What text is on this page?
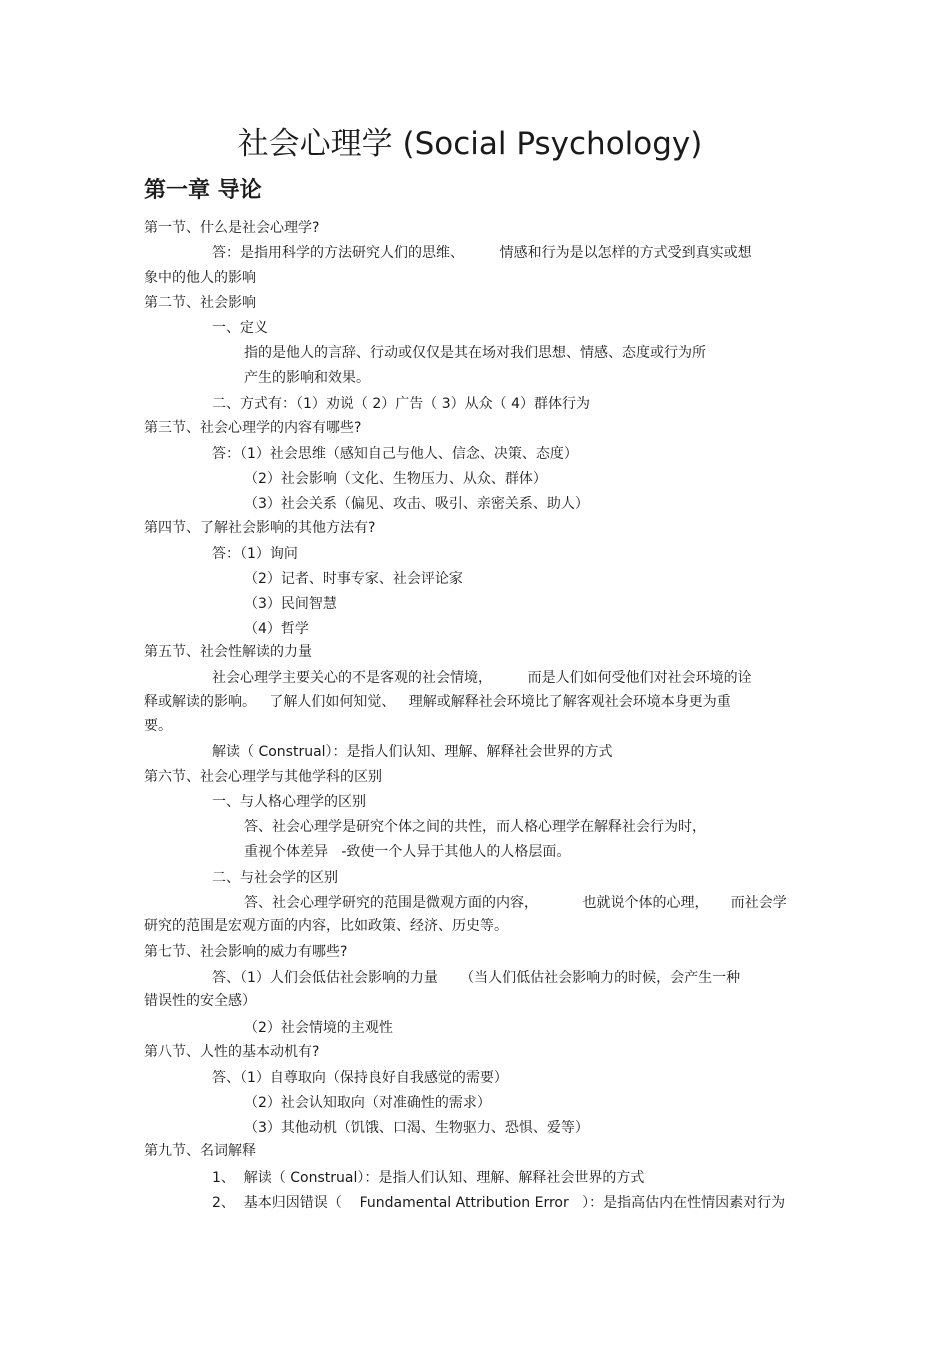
社会心理学 (Social Psychology)
第一章 导论

第一节、什么是社会心理学?

答：是指用科学的方法研究人们的思维、        情感和行为是以怎样的方式受到真实或想

象中的他人的影响

第二节、社会影响

一、定义

指的是他人的言辞、行动或仅仅是其在场对我们思想、情感、态度或行为所

产生的影响和效果。

二、方式有：（1）劝说（ 2）广告（ 3）从众（ 4）群体行为

第三节、社会心理学的内容有哪些?

答：（1）社会思维（感知自己与他人、信念、决策、态度）

（2）社会影响（文化、生物压力、从众、群体）

（3）社会关系（偏见、攻击、吸引、亲密关系、助人）

第四节、了解社会影响的其他方法有?

答：（1）询问

（2）记者、时事专家、社会评论家

（3）民间智慧

（4）哲学

第五节、社会性解读的力量

社会心理学主要关心的不是客观的社会情境，        而是人们如何受他们对社会环境的诠

释或解读的影响。   了解人们如何知觉、   理解或解释社会环境比了解客观社会环境本身更为重

要。

解读（ Construal）：是指人们认知、理解、解释社会世界的方式

第六节、社会心理学与其他学科的区别

一、与人格心理学的区别

答、社会心理学是研究个体之间的共性，而人格心理学在解释社会行为时，

重视个体差异   -致使一个人异于其他人的人格层面。

二、与社会学的区别

答、社会心理学研究的范围是微观方面的内容，          也就说个体的心理，     而社会学

研究的范围是宏观方面的内容，比如政策、经济、历史等。

第七节、社会影响的威力有哪些?

答、（1）人们会低估社会影响的力量     （当人们低估社会影响力的时候，会产生一种

错误性的安全感）

（2）社会情境的主观性

第八节、人性的基本动机有?

答、（1）自尊取向（保持良好自我感觉的需要）

（2）社会认知取向（对准确性的需求）

（3）其他动机（饥饿、口渴、生物驱力、恐惧、爱等）

第九节、名词解释

1、  解读（ Construal）：是指人们认知、理解、解释社会世界的方式

2、  基本归因错误（    Fundamental Attribution Error   ）：是指高估内在性情因素对行为
